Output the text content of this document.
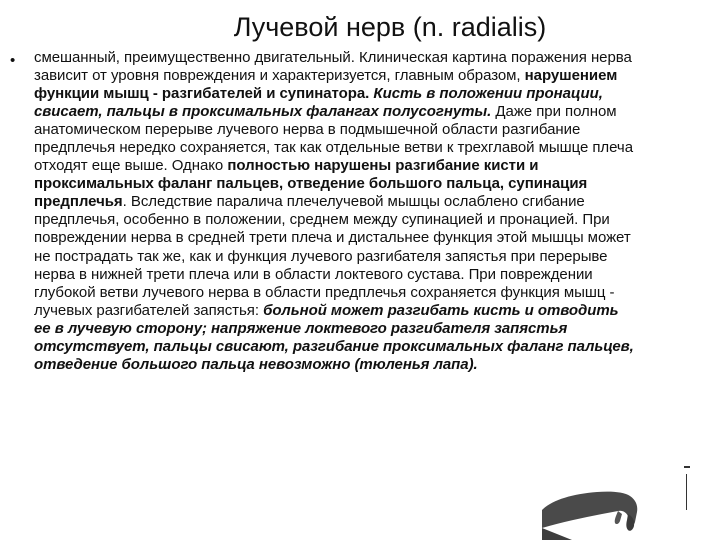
Лучевой нерв (n. radialis)
• смешанный, преимущественно двигательный. Клиническая картина поражения нерва зависит от уровня повреждения и характеризуется, главным образом, нарушением функции мышц - разгибателей и супинатора. Кисть в положении пронации, свисает, пальцы в проксимальных фалангах полусогнуты. Даже при полном анатомическом перерыве лучевого нерва в подмышечной области разгибание предплечья нередко сохраняется, так как отдельные ветви к трехглавой мышце плеча отходят еще выше. Однако полностью нарушены разгибание кисти и проксимальных фаланг пальцев, отведение большого пальца, супинация предплечья. Вследствие паралича плечелучевой мышцы ослаблено сгибание предплечья, особенно в положении, среднем между супинацией и пронацией. При повреждении нерва в средней трети плеча и дистальнее функция этой мышцы может не пострадать так же, как и функция лучевого разгибателя запястья при перерыве нерва в нижней трети плеча или в области локтевого сустава. При повреждении глубокой ветви лучевого нерва в области предплечья сохраняется функция мышц - лучевых разгибателей запястья: больной может разгибать кисть и отводить ее в лучевую сторону; напряжение локтевого разгибателя запястья отсутствует, пальцы свисают, разгибание проксимальных фаланг пальцев, отведение большого пальца невозможно (тюленья лапа).
